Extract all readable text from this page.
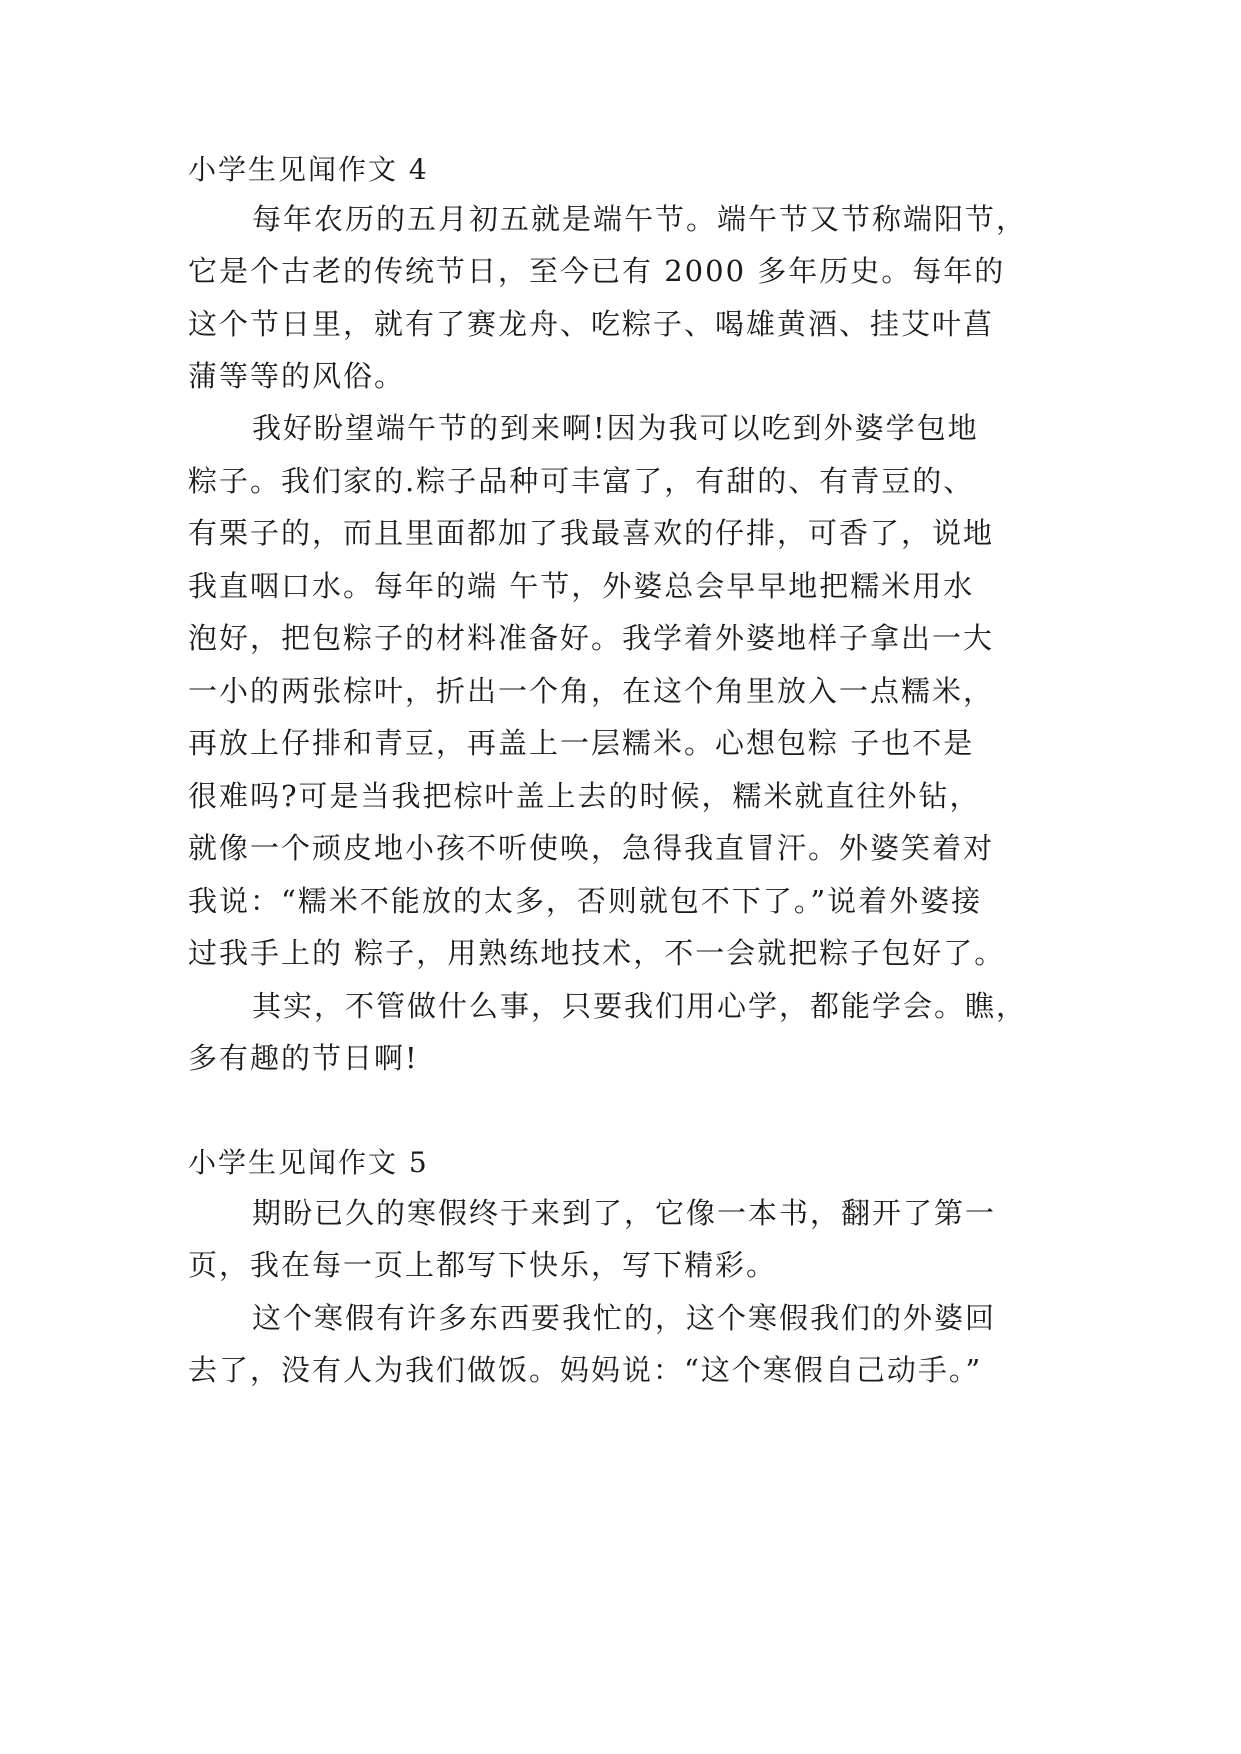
小学生见闻作文 4
每年农历的五月初五就是端午节。端午节又节称端阳节，
它是个古老的传统节日，至今已有 2000 多年历史。每年的
这个节日里，就有了赛龙舟、吃粽子、喝雄黄酒、挂艾叶菖
蒲等等的风俗。
我好盼望端午节的到来啊!因为我可以吃到外婆学包地
粽子。我们家的.粽子品种可丰富了，有甜的、有青豆的、
有栗子的，而且里面都加了我最喜欢的仔排，可香了，说地
我直咽口水。每年的端 午节，外婆总会早早地把糯米用水
泡好，把包粽子的材料准备好。我学着外婆地样子拿出一大
一小的两张棕叶，折出一个角，在这个角里放入一点糯米，
再放上仔排和青豆，再盖上一层糯米。心想包粽 子也不是
很难吗?可是当我把棕叶盖上去的时候，糯米就直往外钻，
就像一个顽皮地小孩不听使唤，急得我直冒汗。外婆笑着对
我说：“糯米不能放的太多，否则就包不下了。”说着外婆接
过我手上的 粽子，用熟练地技术，不一会就把粽子包好了。
其实，不管做什么事，只要我们用心学，都能学会。瞧，
多有趣的节日啊!
小学生见闻作文 5
期盼已久的寒假终于来到了，它像一本书，翻开了第一
页，我在每一页上都写下快乐，写下精彩。
这个寒假有许多东西要我忙的，这个寒假我们的外婆回
去了，没有人为我们做饭。妈妈说：“这个寒假自己动手。”
